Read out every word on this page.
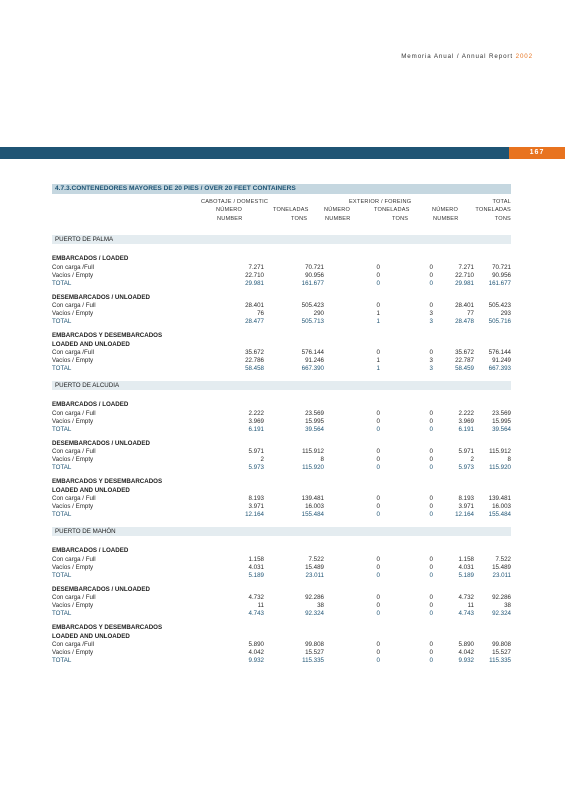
Memoria Anual / Annual Report 2002
167
4.7.3.CONTENEDORES MAYORES DE 20 PIES / OVER 20 FEET CONTAINERS
CABOTAJE / DOMESTIC	EXTERIOR / FOREING	TOTAL
NÚMERO	TONELADAS	NÚMERO	TONELADAS	NÚMERO	TONELADAS
NUMBER	TONS	NUMBER	TONS	NUMBER	TONS
PUERTO DE PALMA
EMBARCADOS / LOADED
Con carga /Full	7.271	70.721	0	0	7.271	70.721
Vacíos / Empty	22.710	90.956	0	0	22.710	90.956
TOTAL	29.981	161.677	0	0	29.981	161.677
DESEMBARCADOS / UNLOADED
Con carga / Full	28.401	505.423	0	0	28.401	505.423
Vacíos / Empty	76	290	1	3	77	293
TOTAL	28.477	505.713	1	3	28.478	505.716
EMBARCADOS Y DESEMBARCADOS
LOADED AND UNLOADED
Con carga /Full	35.672	576.144	0	0	35.672	576.144
Vacíos / Empty	22.786	91.246	1	3	22.787	91.249
TOTAL	58.458	667.390	1	3	58.459	667.393
PUERTO DE ALCUDIA
EMBARCADOS / LOADED
Con carga / Full	2.222	23.569	0	0	2.222	23.569
Vacíos / Empty	3.969	15.995	0	0	3.969	15.995
TOTAL	6.191	39.564	0	0	6.191	39.564
DESEMBARCADOS / UNLOADED
Con carga / Full	5.971	115.912	0	0	5.971	115.912
Vacíos / Empty	2	8	0	0	2	8
TOTAL	5.973	115.920	0	0	5.973	115.920
EMBARCADOS Y DESEMBARCADOS
LOADED AND UNLOADED
Con carga / Full	8.193	139.481	0	0	8.193	139.481
Vacíos / Empty	3.971	16.003	0	0	3.971	16.003
TOTAL	12.164	155.484	0	0	12.164	155.484
PUERTO DE MAHÓN
EMBARCADOS / LOADED
Con carga / Full	1.158	7.522	0	0	1.158	7.522
Vacíos / Empty	4.031	15.489	0	0	4.031	15.489
TOTAL	5.189	23.011	0	0	5.189	23.011
DESEMBARCADOS / UNLOADED
Con carga / Full	4.732	92.286	0	0	4.732	92.286
Vacíos / Empty	11	38	0	0	11	38
TOTAL	4.743	92.324	0	0	4.743	92.324
EMBARCADOS Y DESEMBARCADOS
LOADED AND UNLOADED
Con carga /Full	5.890	99.808	0	0	5.890	99.808
Vacíos / Empty	4.042	15.527	0	0	4.042	15.527
TOTAL	9.932	115.335	0	0	9.932	115.335
